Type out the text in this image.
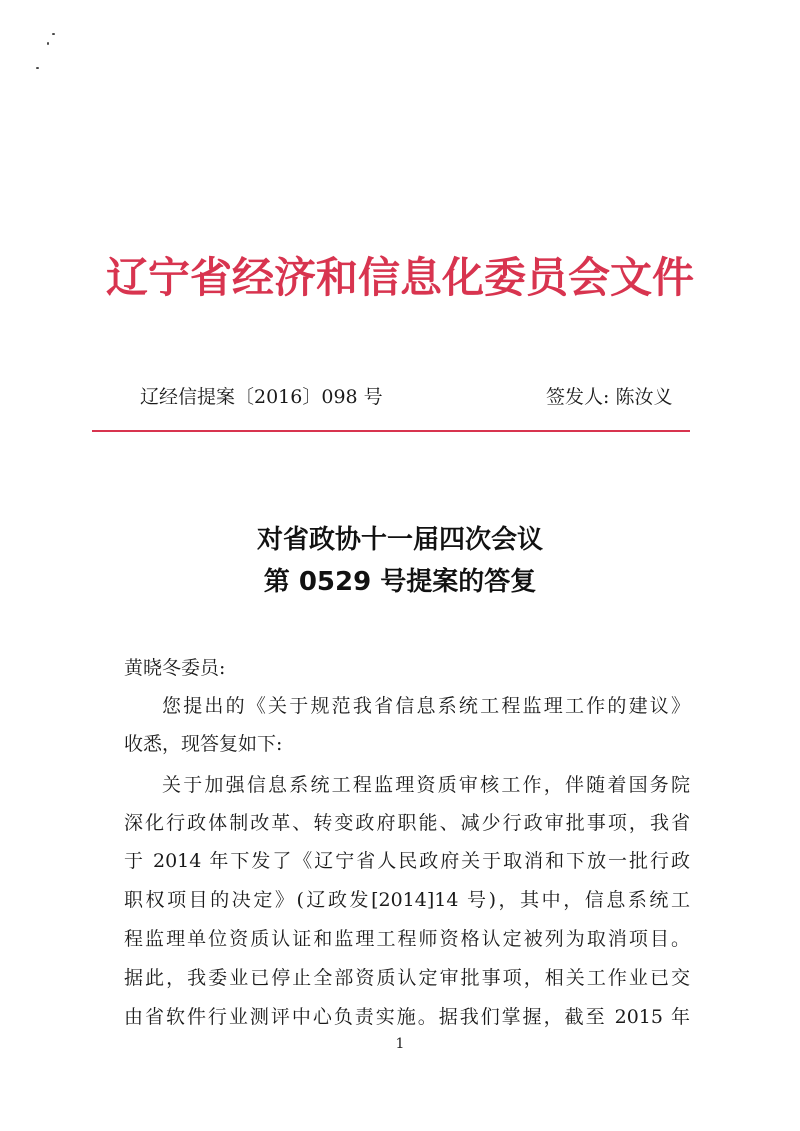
辽宁省经济和信息化委员会文件
辽经信提案〔2016〕098 号	签发人: 陈汝义
对省政协十一届四次会议
第 0529 号提案的答复
黄晓冬委员:
您提出的《关于规范我省信息系统工程监理工作的建议》
收悉，现答复如下:
关于加强信息系统工程监理资质审核工作，伴随着国务院
深化行政体制改革、转变政府职能、减少行政审批事项，我省
于 2014 年下发了《辽宁省人民政府关于取消和下放一批行政
职权项目的决定》(辽政发[2014]14 号)，其中，信息系统工
程监理单位资质认证和监理工程师资格认定被列为取消项目。
据此，我委业已停止全部资质认定审批事项，相关工作业已交
由省软件行业测评中心负责实施。据我们掌握，截至 2015 年
1
